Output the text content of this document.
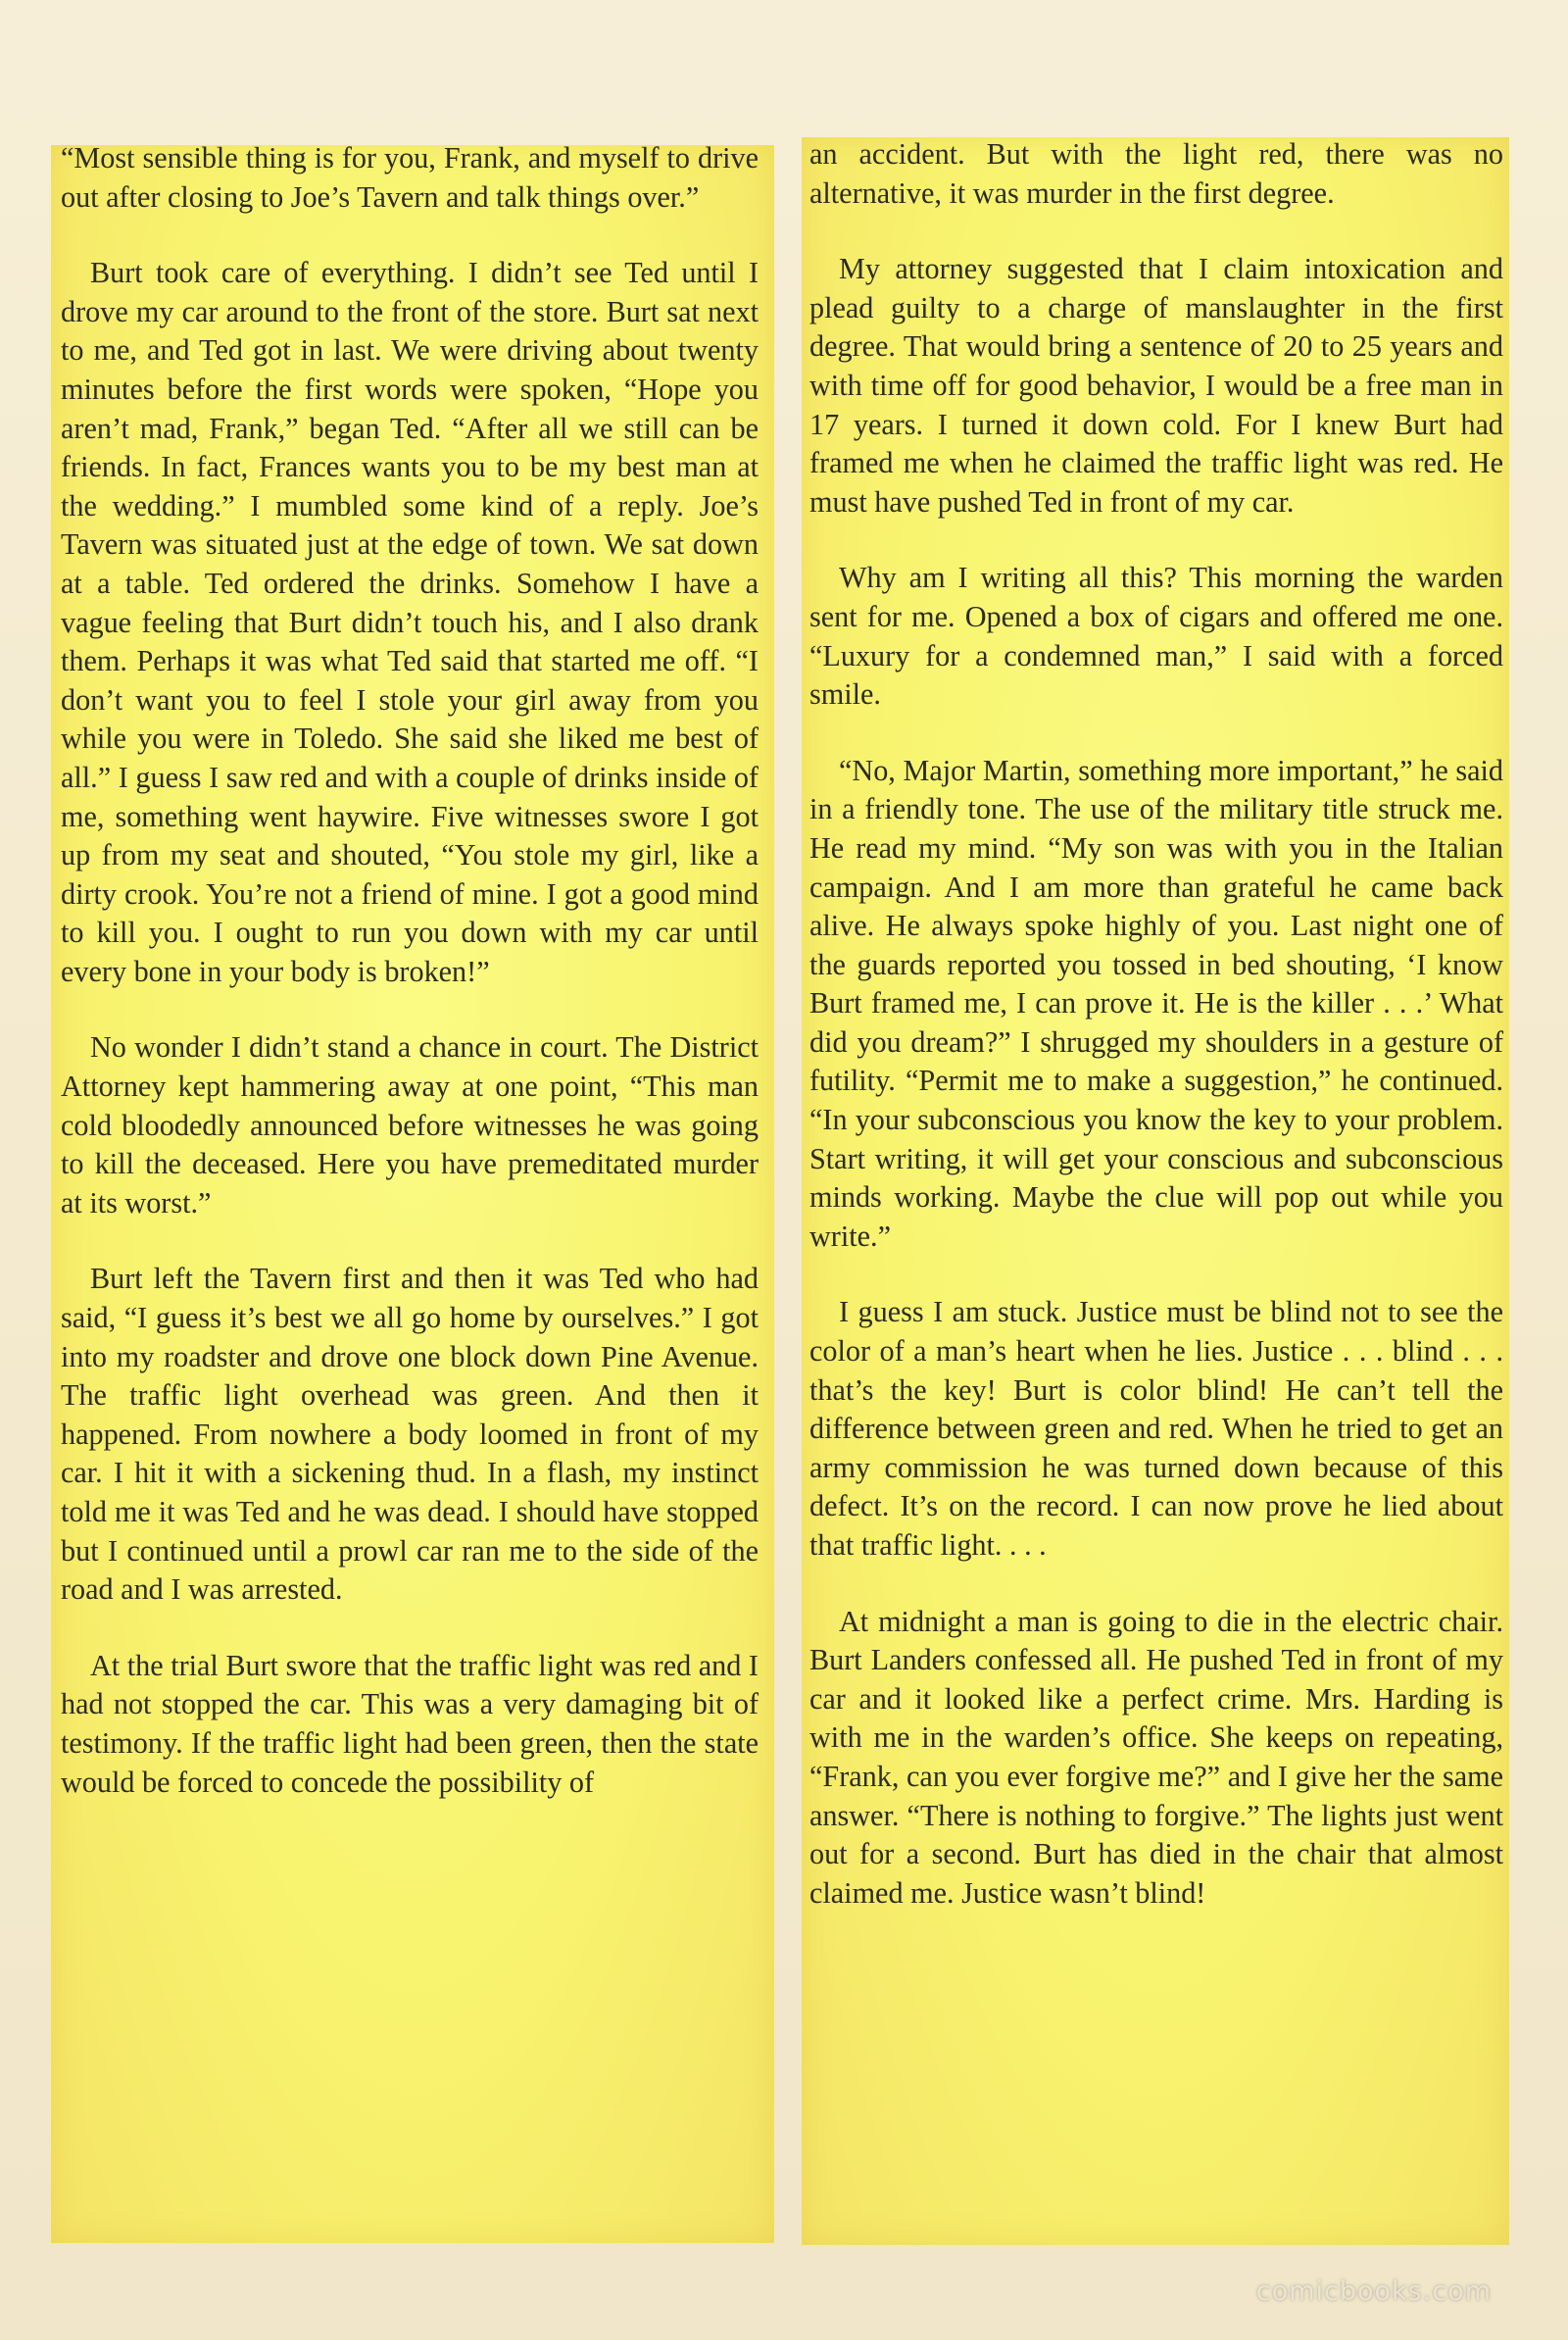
“Most sensible thing is for you, Frank, and myself to drive out after closing to Joe’s Tavern and talk things over.”

Burt took care of everything. I didn’t see Ted until I drove my car around to the front of the store. Burt sat next to me, and Ted got in last. We were driving about twenty minutes before the first words were spoken, “Hope you aren’t mad, Frank,” began Ted. “After all we still can be friends. In fact, Frances wants you to be my best man at the wedding.” I mumbled some kind of a reply. Joe’s Tavern was situated just at the edge of town. We sat down at a table. Ted ordered the drinks. Somehow I have a vague feeling that Burt didn’t touch his, and I also drank them. Perhaps it was what Ted said that started me off. “I don’t want you to feel I stole your girl away from you while you were in Toledo. She said she liked me best of all.” I guess I saw red and with a couple of drinks inside of me, something went haywire. Five witnesses swore I got up from my seat and shouted, “You stole my girl, like a dirty crook. You’re not a friend of mine. I got a good mind to kill you. I ought to run you down with my car until every bone in your body is broken!”

No wonder I didn’t stand a chance in court. The District Attorney kept hammering away at one point, “This man cold bloodedly announced before witnesses he was going to kill the deceased. Here you have premeditated murder at its worst.”

Burt left the Tavern first and then it was Ted who had said, “I guess it’s best we all go home by ourselves.” I got into my roadster and drove one block down Pine Avenue. The traffic light overhead was green. And then it happened. From nowhere a body loomed in front of my car. I hit it with a sickening thud. In a flash, my instinct told me it was Ted and he was dead. I should have stopped but I continued until a prowl car ran me to the side of the road and I was arrested.

At the trial Burt swore that the traffic light was red and I had not stopped the car. This was a very damaging bit of testimony. If the traffic light had been green, then the state would be forced to concede the possibility of

an accident. But with the light red, there was no alternative, it was murder in the first degree.

My attorney suggested that I claim intoxication and plead guilty to a charge of manslaughter in the first degree. That would bring a sentence of 20 to 25 years and with time off for good behavior, I would be a free man in 17 years. I turned it down cold. For I knew Burt had framed me when he claimed the traffic light was red. He must have pushed Ted in front of my car.

Why am I writing all this? This morning the warden sent for me. Opened a box of cigars and offered me one. “Luxury for a condemned man,” I said with a forced smile.

“No, Major Martin, something more important,” he said in a friendly tone. The use of the military title struck me. He read my mind. “My son was with you in the Italian campaign. And I am more than grateful he came back alive. He always spoke highly of you. Last night one of the guards reported you tossed in bed shouting, ‘I know Burt framed me, I can prove it. He is the killer . . .’ What did you dream?” I shrugged my shoulders in a gesture of futility. “Permit me to make a suggestion,” he continued. “In your subconscious you know the key to your problem. Start writing, it will get your conscious and subconscious minds working. Maybe the clue will pop out while you write.”

I guess I am stuck. Justice must be blind not to see the color of a man’s heart when he lies. Justice . . . blind . . . that’s the key! Burt is color blind! He can’t tell the difference between green and red. When he tried to get an army commission he was turned down because of this defect. It’s on the record. I can now prove he lied about that traffic light. . . .

At midnight a man is going to die in the electric chair. Burt Landers confessed all. He pushed Ted in front of my car and it looked like a perfect crime. Mrs. Harding is with me in the warden’s office. She keeps on repeating, “Frank, can you ever forgive me?” and I give her the same answer. “There is nothing to forgive.” The lights just went out for a second. Burt has died in the chair that almost claimed me. Justice wasn’t blind!

comicbooks.com
